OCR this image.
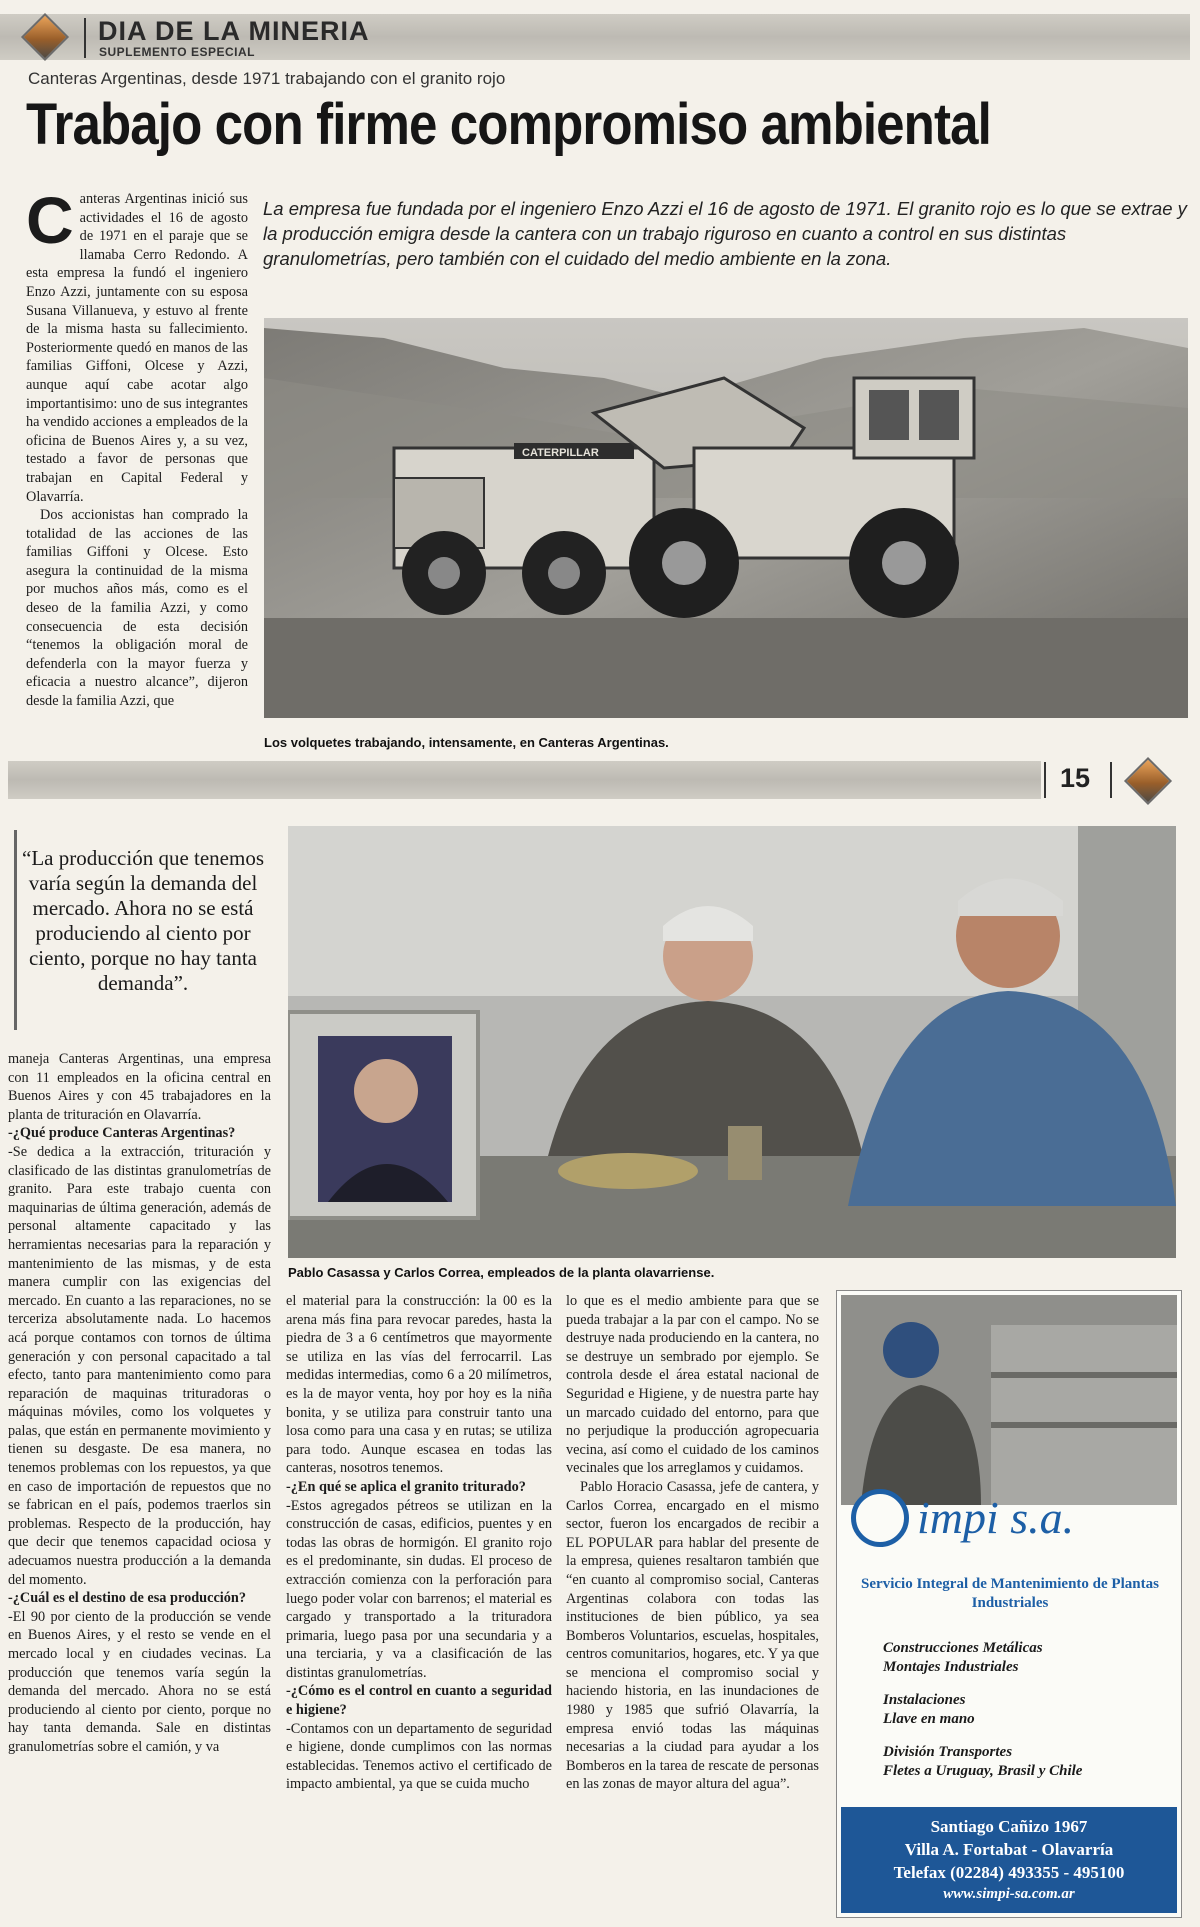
DIA DE LA MINERIA
SUPLEMENTO ESPECIAL
Canteras Argentinas, desde 1971 trabajando con el granito rojo
Trabajo con firme compromiso ambiental
C anteras Argentinas inició sus actividades el 16 de agosto de 1971 en el paraje que se llamaba Cerro Redondo. A esta empresa la fundó el ingeniero Enzo Azzi, juntamente con su esposa Susana Villanueva, y estuvo al frente de la misma hasta su fallecimiento. Posteriormente quedó en manos de las familias Giffoni, Olcese y Azzi, aunque aquí cabe acotar algo importantisimo: uno de sus integrantes ha vendido acciones a empleados de la oficina de Buenos Aires y, a su vez, testado a favor de personas que trabajan en Capital Federal y Olavarría.

Dos accionistas han comprado la totalidad de las acciones de las familias Giffoni y Olcese. Esto asegura la continuidad de la misma por muchos años más, como es el deseo de la familia Azzi, y como consecuencia de esta decisión “tenemos la obligación moral de defenderla con la mayor fuerza y eficacia a nuestro alcance”, dijeron desde la familia Azzi, que

La empresa fue fundada por el ingeniero Enzo Azzi el 16 de agosto de 1971. El granito rojo es lo que se extrae y la producción emigra desde la cantera con un trabajo riguroso en cuanto a control en sus distintas granulometrías, pero también con el cuidado del medio ambiente en la zona.
CATERPILLAR
Los volquetes trabajando, intensamente, en Canteras Argentinas.
15
“La producción que tenemos varía según la demanda del mercado. Ahora no se está produciendo al ciento por ciento, porque no hay tanta demanda”.
Pablo Casassa y Carlos Correa, empleados de la planta olavarriense.

maneja Canteras Argentinas, una empresa con 11 empleados en la oficina central en Buenos Aires y con 45 trabajadores en la planta de trituración en Olavarría.

-¿Qué produce Canteras Argentinas?

-Se dedica a la extracción, trituración y clasificado de las distintas granulometrías de granito. Para este trabajo cuenta con maquinarias de última generación, además de personal altamente capacitado y las herramientas necesarias para la reparación y mantenimiento de las mismas, y de esta manera cumplir con las exigencias del mercado. En cuanto a las reparaciones, no se terceriza absolutamente nada. Lo hacemos acá porque contamos con tornos de última generación y con personal capacitado a tal efecto, tanto para mantenimiento como para reparación de maquinas trituradoras o máquinas móviles, como los volquetes y palas, que están en permanente movimiento y tienen su desgaste. De esa manera, no tenemos problemas con los repuestos, ya que en caso de importación de repuestos que no se fabrican en el país, podemos traerlos sin problemas. Respecto de la producción, hay que decir que tenemos capacidad ociosa y adecuamos nuestra producción a la demanda del momento.

-¿Cuál es el destino de esa producción?

-El 90 por ciento de la producción se vende en Buenos Aires, y el resto se vende en el mercado local y en ciudades vecinas. La producción que tenemos varía según la demanda del mercado. Ahora no se está produciendo al ciento por ciento, porque no hay tanta demanda. Sale en distintas granulometrías sobre el camión, y va

el material para la construcción: la 00 es la arena más fina para revocar paredes, hasta la piedra de 3 a 6 centímetros que mayormente se utiliza en las vías del ferrocarril. Las medidas intermedias, como 6 a 20 milímetros, es la de mayor venta, hoy por hoy es la niña bonita, y se utiliza para construir tanto una losa como para una casa y en rutas; se utiliza para todo. Aunque escasea en todas las canteras, nosotros tenemos.

-¿En qué se aplica el granito triturado?

-Estos agregados pétreos se utilizan en la construcción de casas, edificios, puentes y en todas las obras de hormigón. El granito rojo es el predominante, sin dudas. El proceso de extracción comienza con la perforación para luego poder volar con barrenos; el material es cargado y transportado a la trituradora primaria, luego pasa por una secundaria y a una terciaria, y va a clasificación de las distintas granulometrías.

-¿Cómo es el control en cuanto a seguridad e higiene?

-Contamos con un departamento de seguridad e higiene, donde cumplimos con las normas establecidas. Tenemos activo el certificado de impacto ambiental, ya que se cuida mucho

lo que es el medio ambiente para que se pueda trabajar a la par con el campo. No se destruye nada produciendo en la cantera, no se destruye un sembrado por ejemplo. Se controla desde el área estatal nacional de Seguridad e Higiene, y de nuestra parte hay un marcado cuidado del entorno, para que no perjudique la producción agropecuaria vecina, así como el cuidado de los caminos vecinales que los arreglamos y cuidamos.

Pablo Horacio Casassa, jefe de cantera, y Carlos Correa, encargado en el mismo sector, fueron los encargados de recibir a EL POPULAR para hablar del presente de la empresa, quienes resaltaron también que “en cuanto al compromiso social, Canteras Argentinas colabora con todas las instituciones de bien público, ya sea Bomberos Voluntarios, escuelas, hospitales, centros comunitarios, hogares, etc. Y ya que se menciona el compromiso social y haciendo historia, en las inundaciones de 1980 y 1985 que sufrió Olavarría, la empresa envió todas las máquinas necesarias a la ciudad para ayudar a los Bomberos en la tarea de rescate de personas en las zonas de mayor altura del agua”.

impi s.a.
Servicio Integral de Mantenimiento de Plantas Industriales
Construcciones Metálicas
Montajes Industriales
Instalaciones
Llave en mano
División Transportes
Fletes a Uruguay, Brasil y Chile
Santiago Cañizo 1967
Villa A. Fortabat - Olavarría
Telefax (02284) 493355 - 495100
www.simpi-sa.com.ar
